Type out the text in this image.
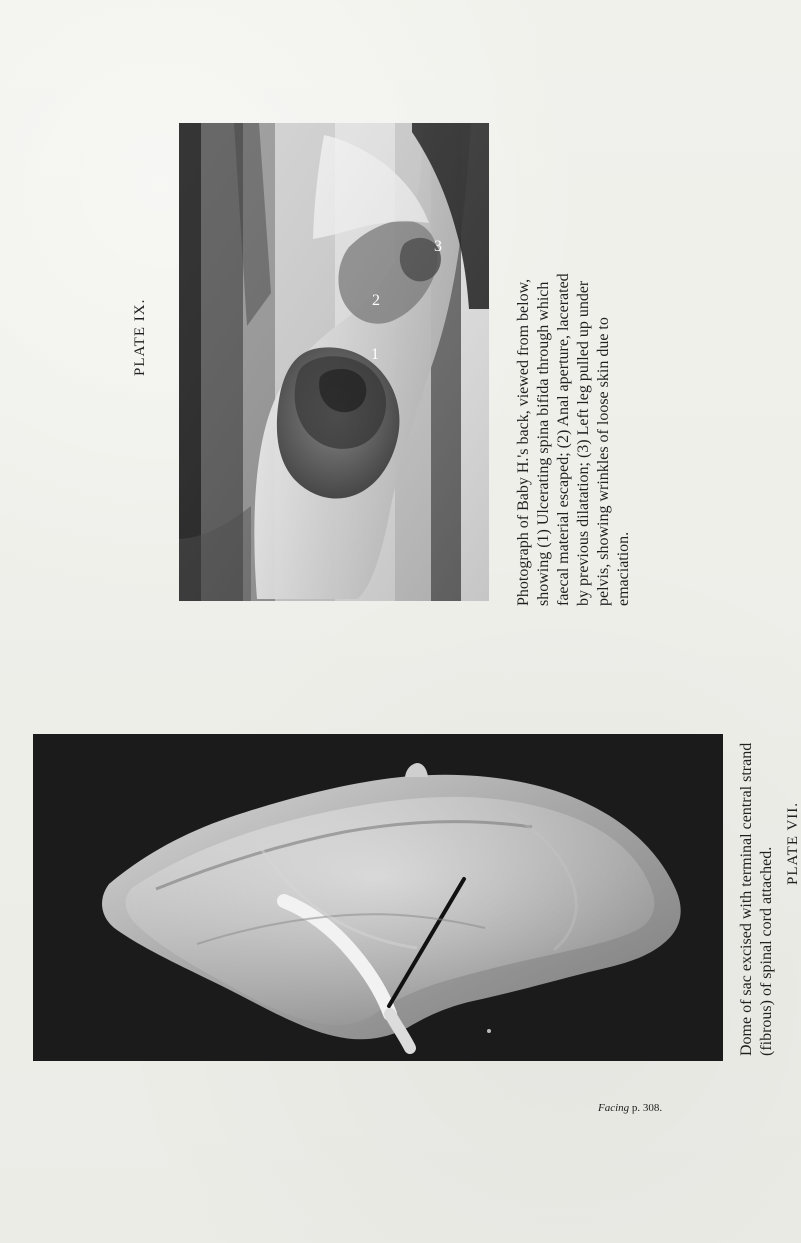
PLATE VII.
PLATE IX.	1
2
3
Photograph of Baby H.'s back, viewed from below, showing (1) Ulcerating spina bifida through which faecal material escaped; (2) Anal aperture, lacerated by previous dilatation; (3) Left leg pulled up under pelvis, showing wrinkles of loose skin due to emaciation.
Dome of sac excised with terminal central strand (fibrous) of spinal cord attached.
Facing p. 308.
